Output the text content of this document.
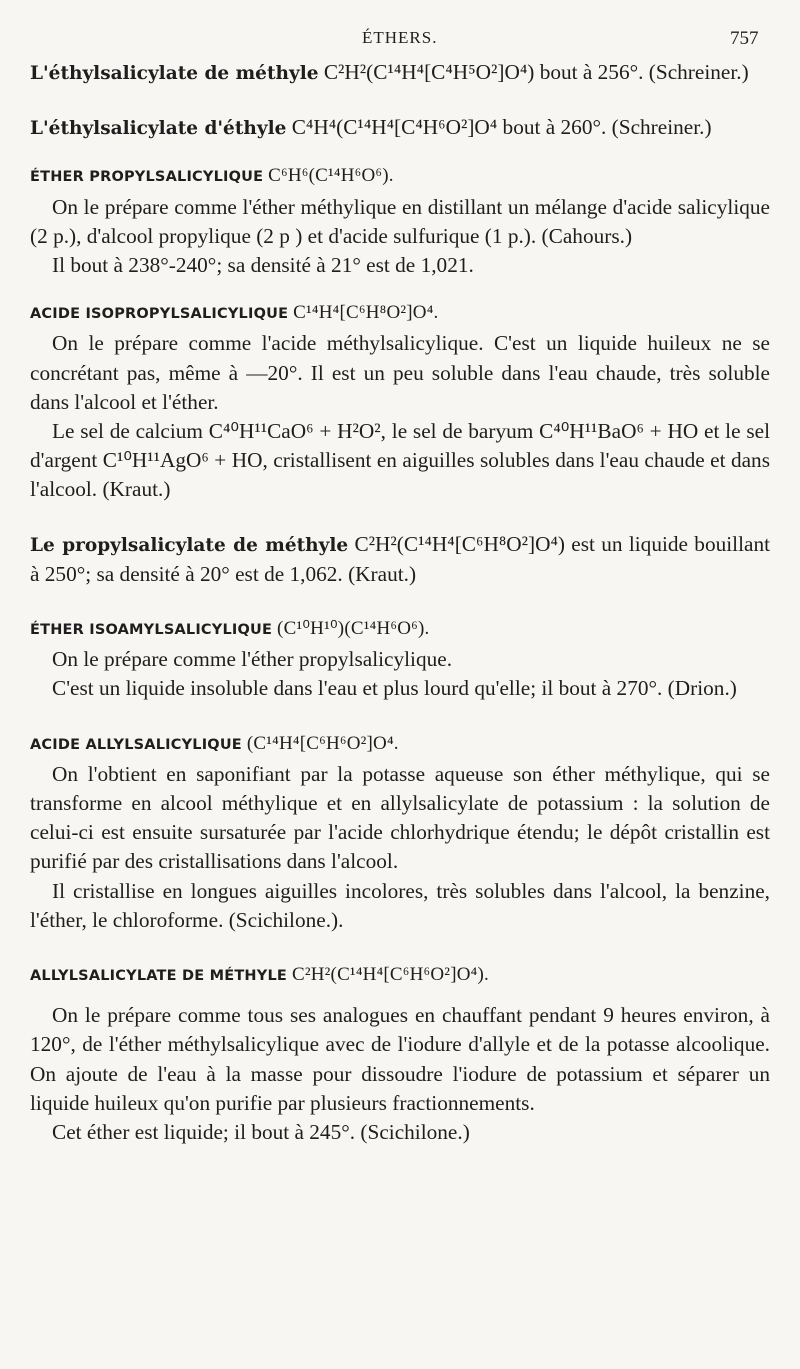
ÉTHERS.	757

L'éthylsalicylate de méthyle C²H²(C¹⁴H⁴[C⁴H⁵O²]O⁴) bout à 256°. (Schreiner.)

L'éthylsalicylate d'éthyle C⁴H⁴(C¹⁴H⁴[C⁴H⁶O²]O⁴ bout à 260°. (Schreiner.)

ÉTHER PROPYLSALICYLIQUE C⁶H⁶(C¹⁴H⁶O⁶).

On le prépare comme l'éther méthylique en distillant un mélange d'acide salicylique (2 p.), d'alcool propylique (2 p ) et d'acide sulfurique (1 p.). (Cahours.)

Il bout à 238°-240°; sa densité à 21° est de 1,021.

ACIDE ISOPROPYLSALICYLIQUE C¹⁴H⁴[C⁶H⁸O²]O⁴.

On le prépare comme l'acide méthylsalicylique. C'est un liquide huileux ne se concrétant pas, même à —20°. Il est un peu soluble dans l'eau chaude, très soluble dans l'alcool et l'éther.

Le sel de calcium C⁴⁰H¹¹CaO⁶ + H²O², le sel de baryum C⁴⁰H¹¹BaO⁶ + HO et le sel d'argent C¹⁰H¹¹AgO⁶ + HO, cristallisent en aiguilles solubles dans l'eau chaude et dans l'alcool. (Kraut.)

Le propylsalicylate de méthyle C²H²(C¹⁴H⁴[C⁶H⁸O²]O⁴) est un liquide bouillant à 250°; sa densité à 20° est de 1,062. (Kraut.)

ÉTHER ISOAMYLSALICYLIQUE (C¹⁰H¹⁰)(C¹⁴H⁶O⁶).

On le prépare comme l'éther propylsalicylique.

C'est un liquide insoluble dans l'eau et plus lourd qu'elle; il bout à 270°. (Drion.)

ACIDE ALLYLSALICYLIQUE (C¹⁴H⁴[C⁶H⁶O²]O⁴.

On l'obtient en saponifiant par la potasse aqueuse son éther méthylique, qui se transforme en alcool méthylique et en allylsalicylate de potassium : la solution de celui-ci est ensuite sursaturée par l'acide chlorhydrique étendu; le dépôt cristallin est purifié par des cristallisations dans l'alcool.

Il cristallise en longues aiguilles incolores, très solubles dans l'alcool, la benzine, l'éther, le chloroforme. (Scichilone.).

ALLYLSALICYLATE DE MÉTHYLE C²H²(C¹⁴H⁴[C⁶H⁶O²]O⁴).

On le prépare comme tous ses analogues en chauffant pendant 9 heures environ, à 120°, de l'éther méthylsalicylique avec de l'iodure d'allyle et de la potasse alcoolique. On ajoute de l'eau à la masse pour dissoudre l'iodure de potassium et séparer un liquide huileux qu'on purifie par plusieurs fractionnements.

Cet éther est liquide; il bout à 245°. (Scichilone.)
